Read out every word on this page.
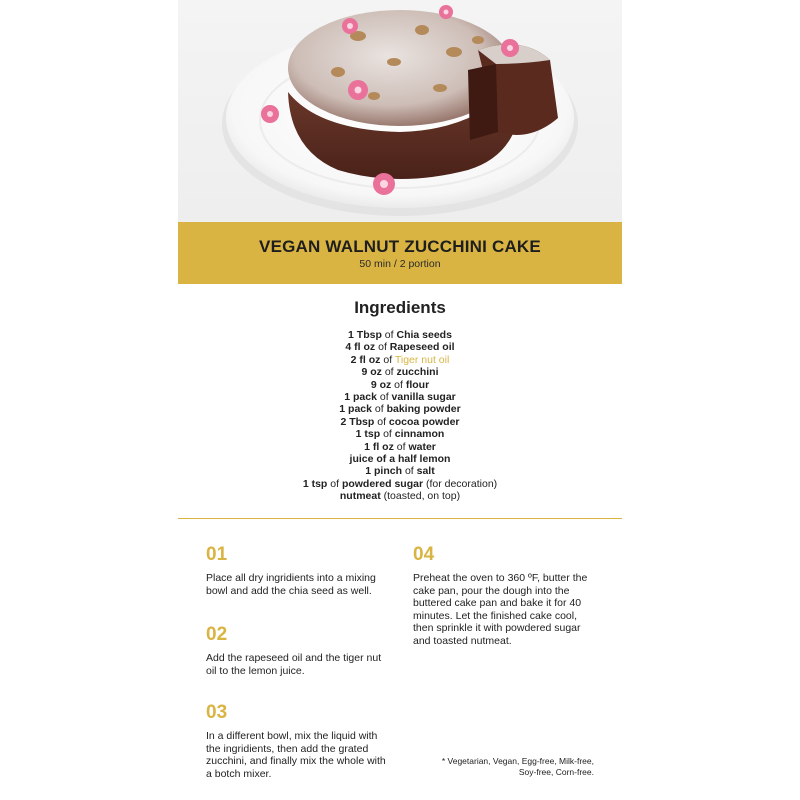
VEGAN WALNUT ZUCCHINI CAKE
50 min / 2 portion
Ingredients
1 Tbsp of Chia seeds
4 fl oz of Rapeseed oil
2 fl oz of Tiger nut oil
9 oz of zucchini
9 oz of flour
1 pack of vanilla sugar
1 pack of baking powder
2 Tbsp of cocoa powder
1 tsp of cinnamon
1 fl oz of water
juice of a half lemon
1 pinch of salt
1 tsp of powdered sugar (for decoration)
nutmeat (toasted, on top)
01
Place all dry ingridients into a mixing bowl and add the chia seed as well.
02
Add the rapeseed oil and the tiger nut oil to the lemon juice.
03
In a different bowl, mix the liquid with the ingridients, then add the grated zucchini, and finally mix the whole with a botch mixer.
04
Preheat the oven to 360 ºF, butter the cake pan, pour the dough into the buttered cake pan and bake it for 40 minutes. Let the finished cake cool, then sprinkle it with powdered sugar and toasted nutmeat.
* Vegetarian, Vegan, Egg-free, Milk-free,
Soy-free, Corn-free.
